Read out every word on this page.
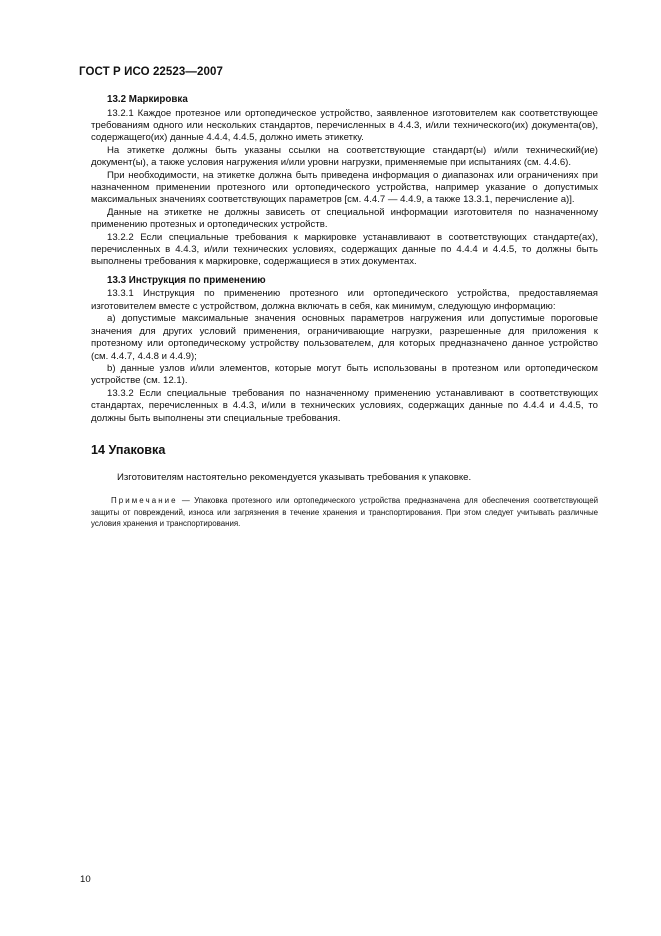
ГОСТ Р ИСО 22523—2007
13.2 Маркировка

13.2.1 Каждое протезное или ортопедическое устройство, заявленное изготовителем как соответствующее требованиям одного или нескольких стандартов, перечисленных в 4.4.3, и/или технического(их) документа(ов), содержащего(их) данные 4.4.4, 4.4.5, должно иметь этикетку.

На этикетке должны быть указаны ссылки на соответствующие стандарт(ы) и/или технический(ие) документ(ы), а также условия нагружения и/или уровни нагрузки, применяемые при испытаниях (см. 4.4.6).

При необходимости, на этикетке должна быть приведена информация о диапазонах или ограничениях при назначенном применении протезного или ортопедического устройства, например указание о допустимых максимальных значениях соответствующих параметров [см. 4.4.7 — 4.4.9, а также 13.3.1, перечисление а)].

Данные на этикетке не должны зависеть от специальной информации изготовителя по назначенному применению протезных и ортопедических устройств.

13.2.2 Если специальные требования к маркировке устанавливают в соответствующих стандарте(ах), перечисленных в 4.4.3, и/или технических условиях, содержащих данные по 4.4.4 и 4.4.5, то должны быть выполнены требования к маркировке, содержащиеся в этих документах.

13.3 Инструкция по применению

13.3.1 Инструкция по применению протезного или ортопедического устройства, предоставляемая изготовителем вместе с устройством, должна включать в себя, как минимум, следующую информацию:

а) допустимые максимальные значения основных параметров нагружения или допустимые пороговые значения для других условий применения, ограничивающие нагрузки, разрешенные для приложения к протезному или ортопедическому устройству пользователем, для которых предназначено данное устройство (см. 4.4.7, 4.4.8 и 4.4.9);

b) данные узлов и/или элементов, которые могут быть использованы в протезном или ортопедическом устройстве (см. 12.1).

13.3.2 Если специальные требования по назначенному применению устанавливают в соответствующих стандартах, перечисленных в 4.4.3, и/или в технических условиях, содержащих данные по 4.4.4 и 4.4.5, то должны быть выполнены эти специальные требования.

14 Упаковка

Изготовителям настоятельно рекомендуется указывать требования к упаковке.

Примечание — Упаковка протезного или ортопедического устройства предназначена для обеспечения соответствующей защиты от повреждений, износа или загрязнения в течение хранения и транспортирования. При этом следует учитывать различные условия хранения и транспортирования.
10
